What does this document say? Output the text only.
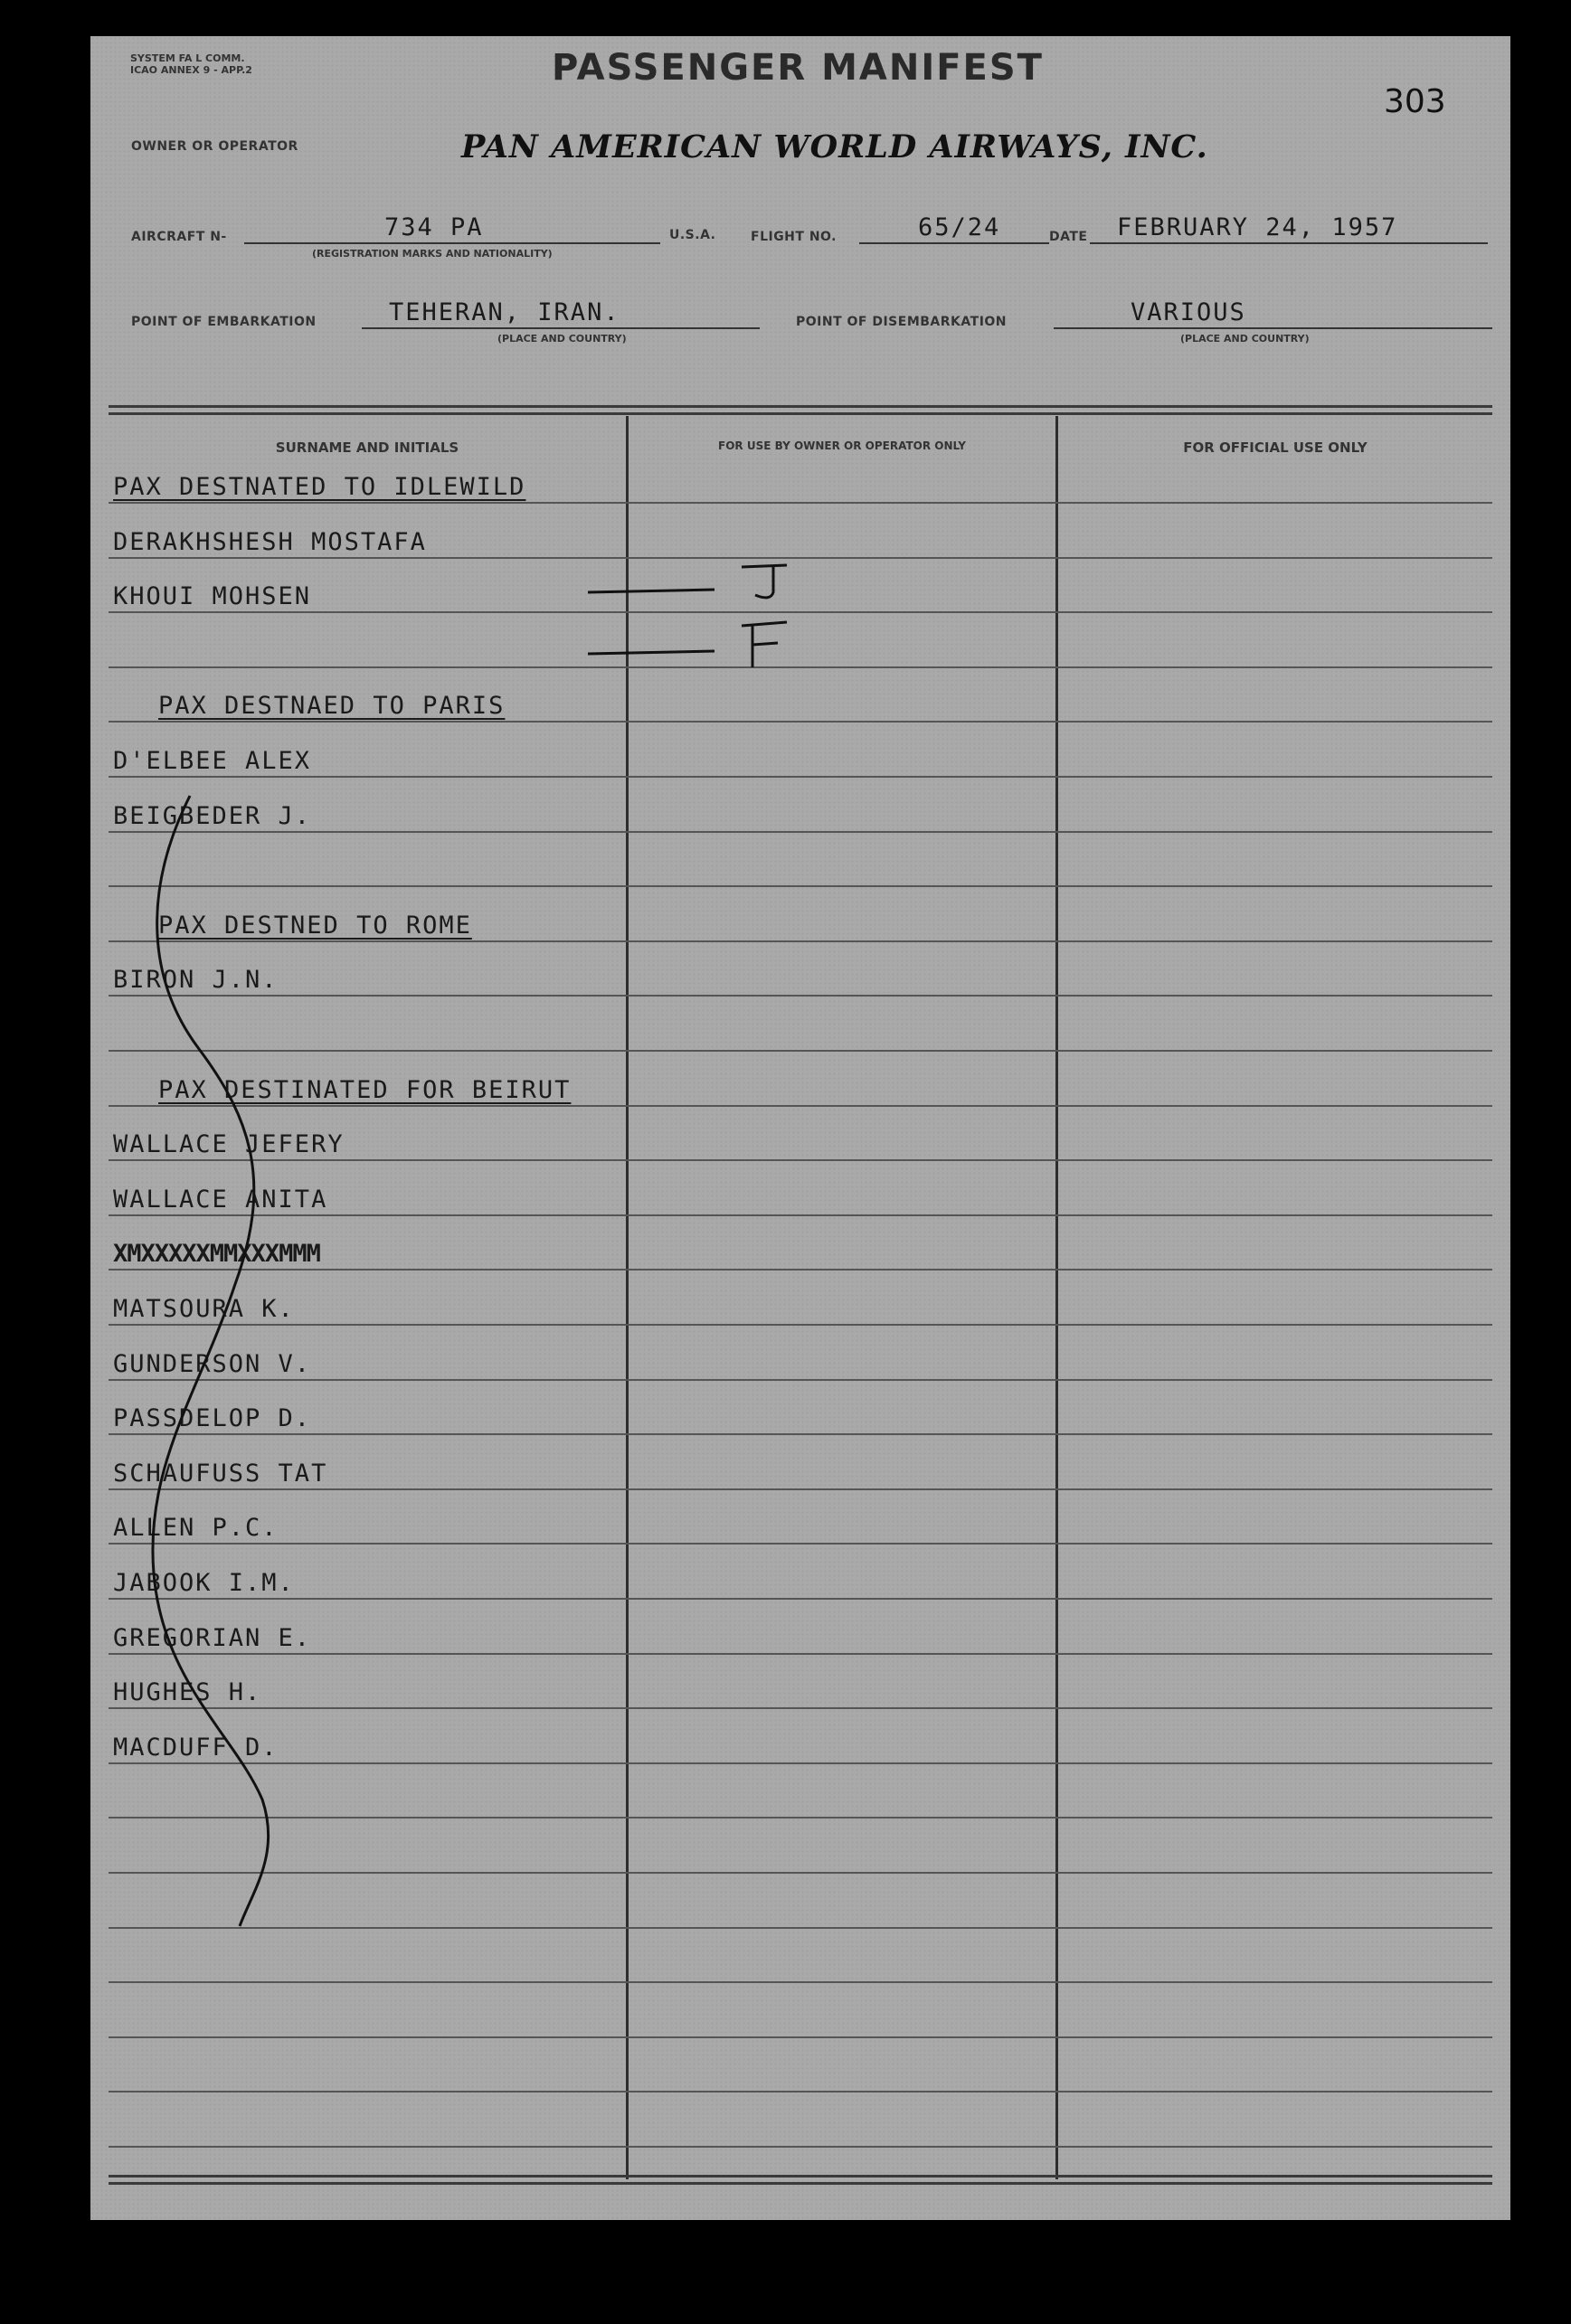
SYSTEM FA L COMM.
ICAO ANNEX 9 - APP.2	PASSENGER MANIFEST
303
OWNER OR OPERATOR	PAN AMERICAN WORLD AIRWAYS, INC.
AIRCRAFT N-	734 PA
(REGISTRATION MARKS AND NATIONALITY)
U.S.A.	FLIGHT NO.	65/24	DATE FEBRUARY 24, 1957
POINT OF EMBARKATION	TEHERAN, IRAN.
(PLACE AND COUNTRY)
POINT OF DISEMBARKATION	VARIOUS
(PLACE AND COUNTRY)
SURNAME AND INITIALS	FOR USE BY OWNER OR OPERATOR ONLY	FOR OFFICIAL USE ONLY
PAX DESTNATED TO IDLEWILD
DERAKHSHESH MOSTAFA
KHOUI MOHSEN
PAX DESTNAED TO PARIS
D'ELBEE ALEX
BEIGBEDER J.
PAX DESTNED TO ROME
BIRON J.N.
PAX DESTINATED FOR BEIRUT
WALLACE JEFERY
WALLACE ANITA
XMXXXXXMMXXXMMM
MATSOURA K.
GUNDERSON V.
PASSDELOP D.
SCHAUFUSS TAT
ALLEN P.C.
JABOOK I.M.
GREGORIAN E.
HUGHES H.
MACDUFF D.
